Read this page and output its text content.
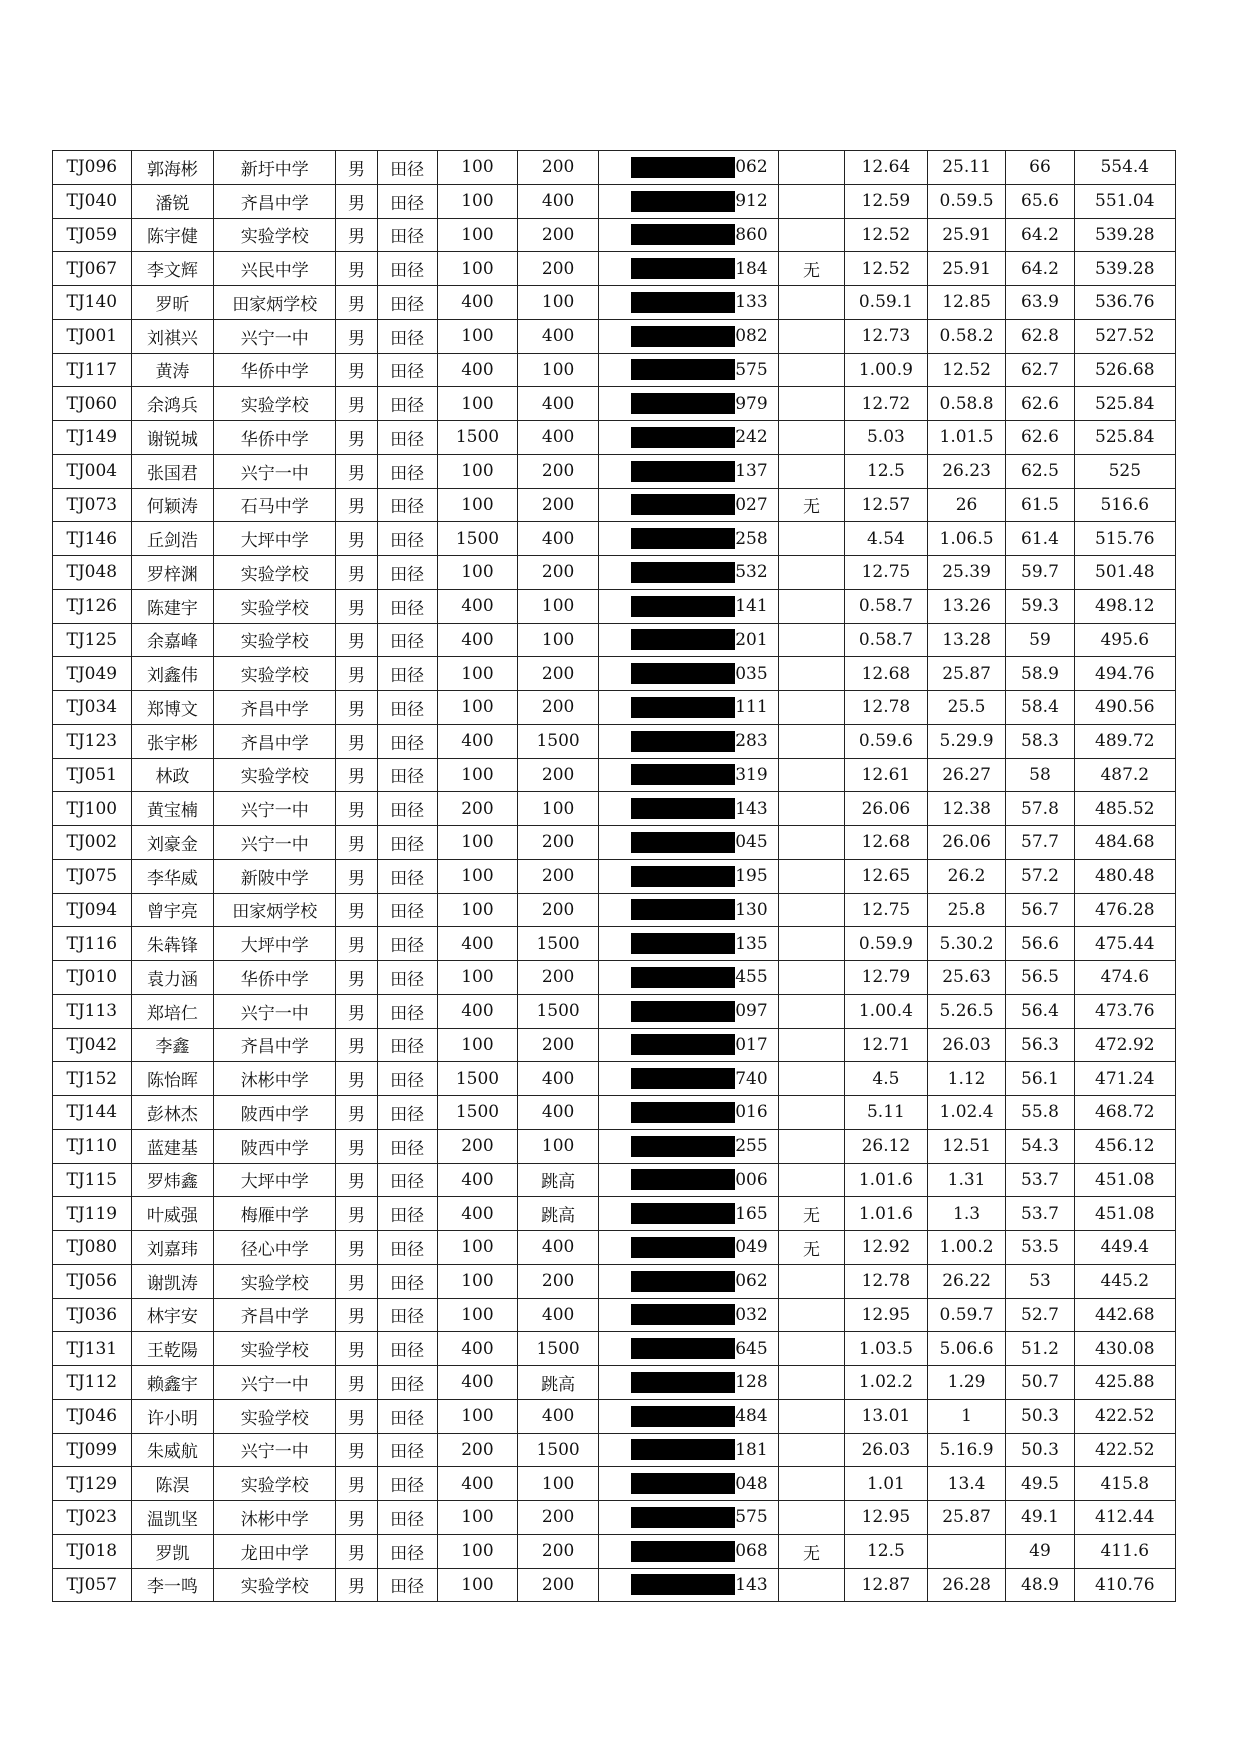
TJ096	郭海彬	新圩中学	男	田径	100	200	062		12.64	25.11	66	554.4
TJ040	潘锐	齐昌中学	男	田径	100	400	912		12.59	0.59.5	65.6	551.04
TJ059	陈宇健	实验学校	男	田径	100	200	860		12.52	25.91	64.2	539.28
TJ067	李文辉	兴民中学	男	田径	100	200	184	无	12.52	25.91	64.2	539.28
TJ140	罗昕	田家炳学校	男	田径	400	100	133		0.59.1	12.85	63.9	536.76
TJ001	刘祺兴	兴宁一中	男	田径	100	400	082		12.73	0.58.2	62.8	527.52
TJ117	黄涛	华侨中学	男	田径	400	100	575		1.00.9	12.52	62.7	526.68
TJ060	余鸿兵	实验学校	男	田径	100	400	979		12.72	0.58.8	62.6	525.84
TJ149	谢锐城	华侨中学	男	田径	1500	400	242		5.03	1.01.5	62.6	525.84
TJ004	张国君	兴宁一中	男	田径	100	200	137		12.5	26.23	62.5	525
TJ073	何颖涛	石马中学	男	田径	100	200	027	无	12.57	26	61.5	516.6
TJ146	丘剑浩	大坪中学	男	田径	1500	400	258		4.54	1.06.5	61.4	515.76
TJ048	罗梓渊	实验学校	男	田径	100	200	532		12.75	25.39	59.7	501.48
TJ126	陈建宇	实验学校	男	田径	400	100	141		0.58.7	13.26	59.3	498.12
TJ125	余嘉峰	实验学校	男	田径	400	100	201		0.58.7	13.28	59	495.6
TJ049	刘鑫伟	实验学校	男	田径	100	200	035		12.68	25.87	58.9	494.76
TJ034	郑博文	齐昌中学	男	田径	100	200	111		12.78	25.5	58.4	490.56
TJ123	张宇彬	齐昌中学	男	田径	400	1500	283		0.59.6	5.29.9	58.3	489.72
TJ051	林政	实验学校	男	田径	100	200	319		12.61	26.27	58	487.2
TJ100	黄宝楠	兴宁一中	男	田径	200	100	143		26.06	12.38	57.8	485.52
TJ002	刘豪金	兴宁一中	男	田径	100	200	045		12.68	26.06	57.7	484.68
TJ075	李华威	新陂中学	男	田径	100	200	195		12.65	26.2	57.2	480.48
TJ094	曾宇亮	田家炳学校	男	田径	100	200	130		12.75	25.8	56.7	476.28
TJ116	朱犇锋	大坪中学	男	田径	400	1500	135		0.59.9	5.30.2	56.6	475.44
TJ010	袁力涵	华侨中学	男	田径	100	200	455		12.79	25.63	56.5	474.6
TJ113	郑培仁	兴宁一中	男	田径	400	1500	097		1.00.4	5.26.5	56.4	473.76
TJ042	李鑫	齐昌中学	男	田径	100	200	017		12.71	26.03	56.3	472.92
TJ152	陈怡晖	沐彬中学	男	田径	1500	400	740		4.5	1.12	56.1	471.24
TJ144	彭林杰	陂西中学	男	田径	1500	400	016		5.11	1.02.4	55.8	468.72
TJ110	蓝建基	陂西中学	男	田径	200	100	255		26.12	12.51	54.3	456.12
TJ115	罗炜鑫	大坪中学	男	田径	400	跳高	006		1.01.6	1.31	53.7	451.08
TJ119	叶威强	梅雁中学	男	田径	400	跳高	165	无	1.01.6	1.3	53.7	451.08
TJ080	刘嘉玮	径心中学	男	田径	100	400	049	无	12.92	1.00.2	53.5	449.4
TJ056	谢凯涛	实验学校	男	田径	100	200	062		12.78	26.22	53	445.2
TJ036	林宇安	齐昌中学	男	田径	100	400	032		12.95	0.59.7	52.7	442.68
TJ131	王乾陽	实验学校	男	田径	400	1500	645		1.03.5	5.06.6	51.2	430.08
TJ112	赖鑫宇	兴宁一中	男	田径	400	跳高	128		1.02.2	1.29	50.7	425.88
TJ046	许小明	实验学校	男	田径	100	400	484		13.01	1	50.3	422.52
TJ099	朱威航	兴宁一中	男	田径	200	1500	181		26.03	5.16.9	50.3	422.52
TJ129	陈淏	实验学校	男	田径	400	100	048		1.01	13.4	49.5	415.8
TJ023	温凯坚	沐彬中学	男	田径	100	200	575		12.95	25.87	49.1	412.44
TJ018	罗凯	龙田中学	男	田径	100	200	068	无	12.5		49	411.6
TJ057	李一鸣	实验学校	男	田径	100	200	143		12.87	26.28	48.9	410.76
